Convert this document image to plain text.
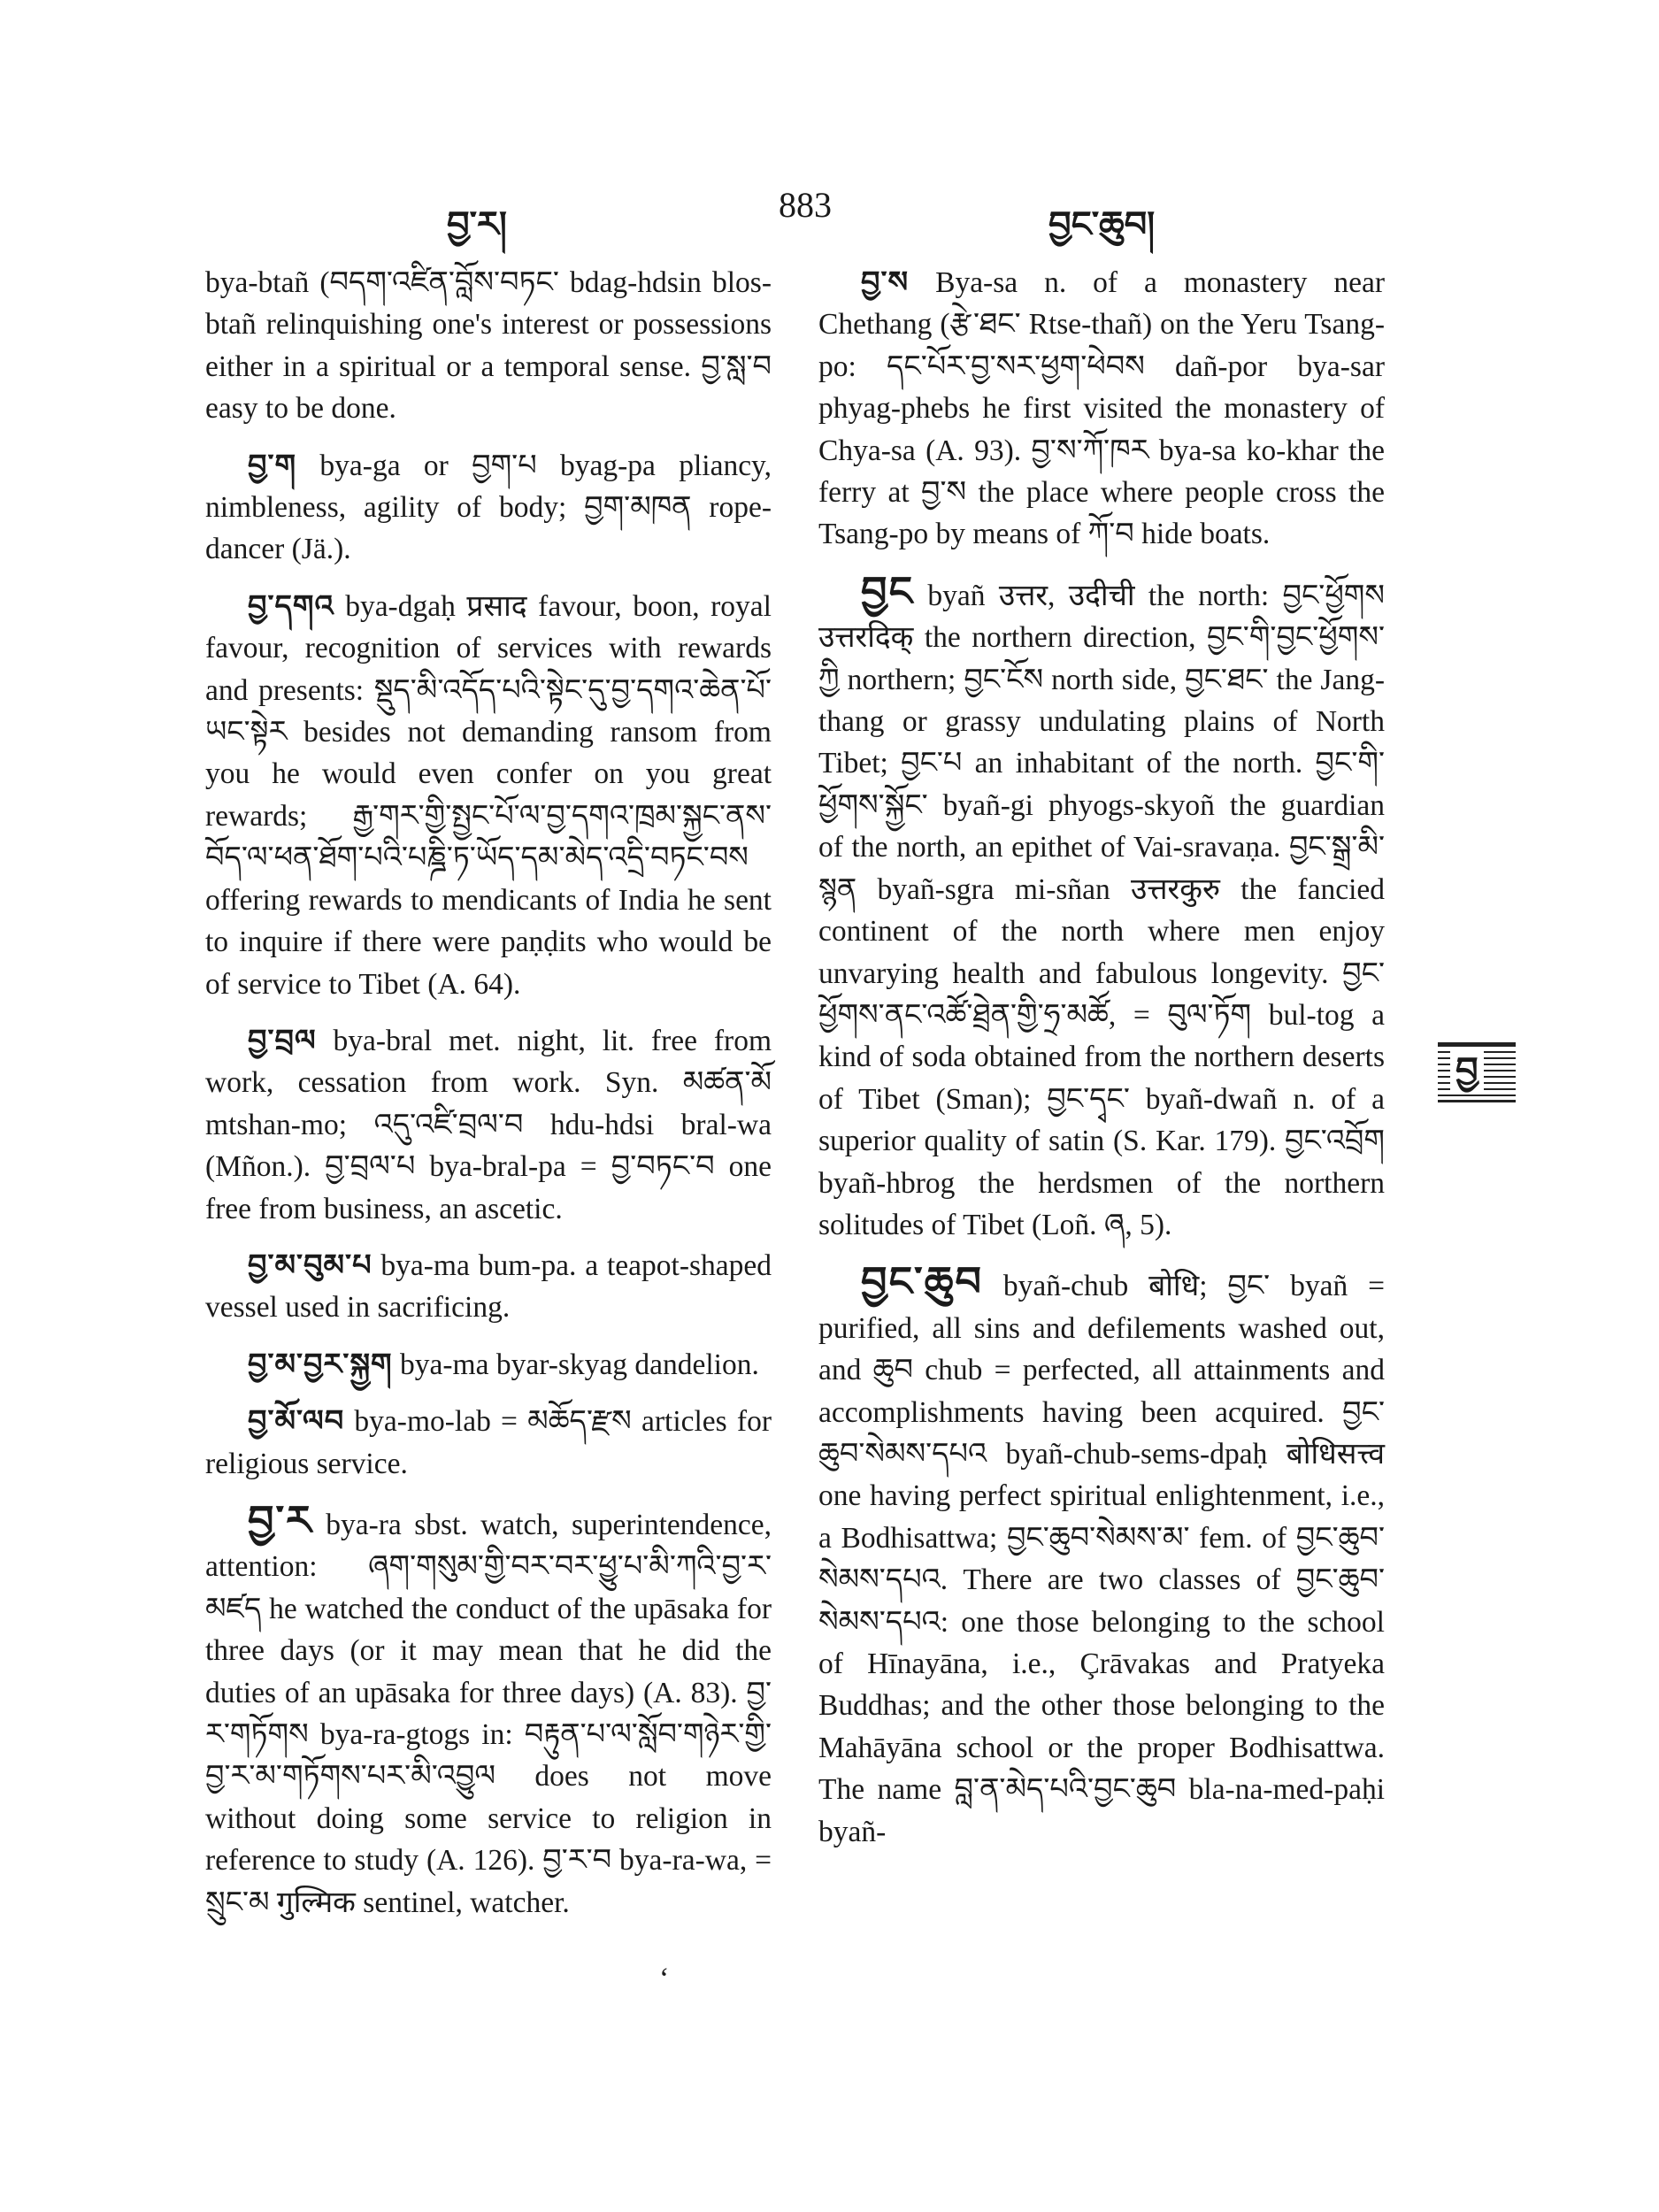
བྱ་ར།	883	བྱང་ཆུབ།

bya-btañ (བདག་འཛིན་བློས་བཏང་ bdag-hdsin blos-btañ relinquishing one's interest or possessions either in a spiritual or a temporal sense. བྱ་སླ་བ easy to be done.

བྱ་ག bya-ga or བྱག་པ byag-pa pliancy, nimbleness, agility of body; བྱག་མཁན rope-dancer (Jä.).

བྱ་དགའ bya-dgaḥ प्रसाद favour, boon, royal favour, recognition of services with rewards and presents: སྡུད་མི་འདོད་པའི་སྟེང་དུ་བྱ་དགའ་ཆེན་པོ་ཡང་སྟེར besides not demanding ransom from you he would even confer on you great rewards; རྒྱ་གར་གྱི་སྤྱང་པོ་ལ་བྱ་དགའ་ཁྲམ་སྐྱང་ནས་བོད་ལ་ཕན་ཐོག་པའི་པཎྜི་ཏ་ཡོད་དམ་མེད་འདྲི་བཏང་བས offering rewards to mendicants of India he sent to inquire if there were paṇḍits who would be of service to Tibet (A. 64).

བྱ་བྲལ bya-bral met. night, lit. free from work, cessation from work. Syn. མཚན་མོ mtshan-mo; འདུ་འཛི་བྲལ་བ hdu-hdsi bral-wa (Mñon.). བྱ་བྲལ་པ bya-bral-pa = བྱ་བཏང་བ one free from business, an ascetic.

བྱ་མ་བུམ་པ bya-ma bum-pa. a teapot-shaped vessel used in sacrificing.

བྱ་མ་བྱར་སྐྱག bya-ma byar-skyag dandelion.

བྱ་མོ་ལབ bya-mo-lab = མཆོད་རྫས articles for religious service.

བྱ་ར bya-ra sbst. watch, superintendence, attention: ཞག་གསུམ་གྱི་བར་བར་ཕྱུ་པ་མི་ཀའི་བྱ་ར་མཛད he watched the conduct of the upāsaka for three days (or it may mean that he did the duties of an upāsaka for three days) (A. 83). བྱ་ར་གཏོགས bya-ra-gtogs in: བརྟུན་པ་ལ་སློབ་གཉེར་གྱི་བྱ་ར་མ་གཏོགས་པར་མི་འབྱུལ does not move without doing some service to religion in reference to study (A. 126). བྱ་ར་བ bya-ra-wa, = སྲུང་མ गुल्मिक sentinel, watcher.

བྱ་ས Bya-sa n. of a monastery near Chethang (རྩེ་ཐང་ Rtse-thañ) on the Yeru Tsang-po: དང་པོར་བྱ་སར་ཕྱག་ཕེབས dañ-por bya-sar phyag-phebs he first visited the monastery of Chya-sa (A. 93). བྱ་ས་ཀོ་ཁར bya-sa ko-khar the ferry at བྱ་ས the place where people cross the Tsang-po by means of ཀོ་བ hide boats.

བྱང byañ उत्तर, उदीची the north: བྱང་ཕྱོགས उत्तरदिक् the northern direction, བྱང་གི་བྱང་ཕྱོགས་ཀྱི northern; བྱང་ངོས north side, བྱང་ཐང་ the Jang-thang or grassy undulating plains of North Tibet; བྱང་པ an inhabitant of the north. བྱང་གི་ཕྱོགས་སྐྱོང་ byañ-gi phyogs-skyoñ the guardian of the north, an epithet of Vai-sravaṇa. བྱང་སྒྲ་མི་སྙན byañ-sgra mi-sñan उत्तरकुरु the fancied continent of the north where men enjoy unvarying health and fabulous longevity. བྱང་ཕྱོགས་ནང་འཚོ་ཐྲེན་གྱི་ཧྲ་མཚོ, = བུལ་ཏོག bul-tog a kind of soda obtained from the northern deserts of Tibet (Sman); བྱང་དྭང་ byañ-dwañ n. of a superior quality of satin (S. Kar. 179). བྱང་འབྲོག byañ-hbrog the herdsmen of the northern solitudes of Tibet (Loñ. ཞ, 5).

བྱང་ཆུབ byañ-chub बोधि; བྱང་ byañ = purified, all sins and defilements washed out, and ཆུབ chub = perfected, all attainments and accomplishments having been acquired. བྱང་ཆུབ་སེམས་དཔའ byañ-chub-sems-dpaḥ बोधिसत्त्व one having perfect spiritual enlightenment, i.e., a Bodhisattwa; བྱང་ཆུབ་སེམས་མ་ fem. of བྱང་ཆུབ་སེམས་དཔའ. There are two classes of བྱང་ཆུབ་སེམས་དཔའ: one those belonging to the school of Hīnayāna, i.e., Çrāvakas and Pratyeka Buddhas; and the other those belonging to the Mahāyāna school or the proper Bodhisattwa. The name བླ་ན་མེད་པའི་བྱང་ཆུབ bla-na-med-paḥi byañ-

བྱ
ʻ
